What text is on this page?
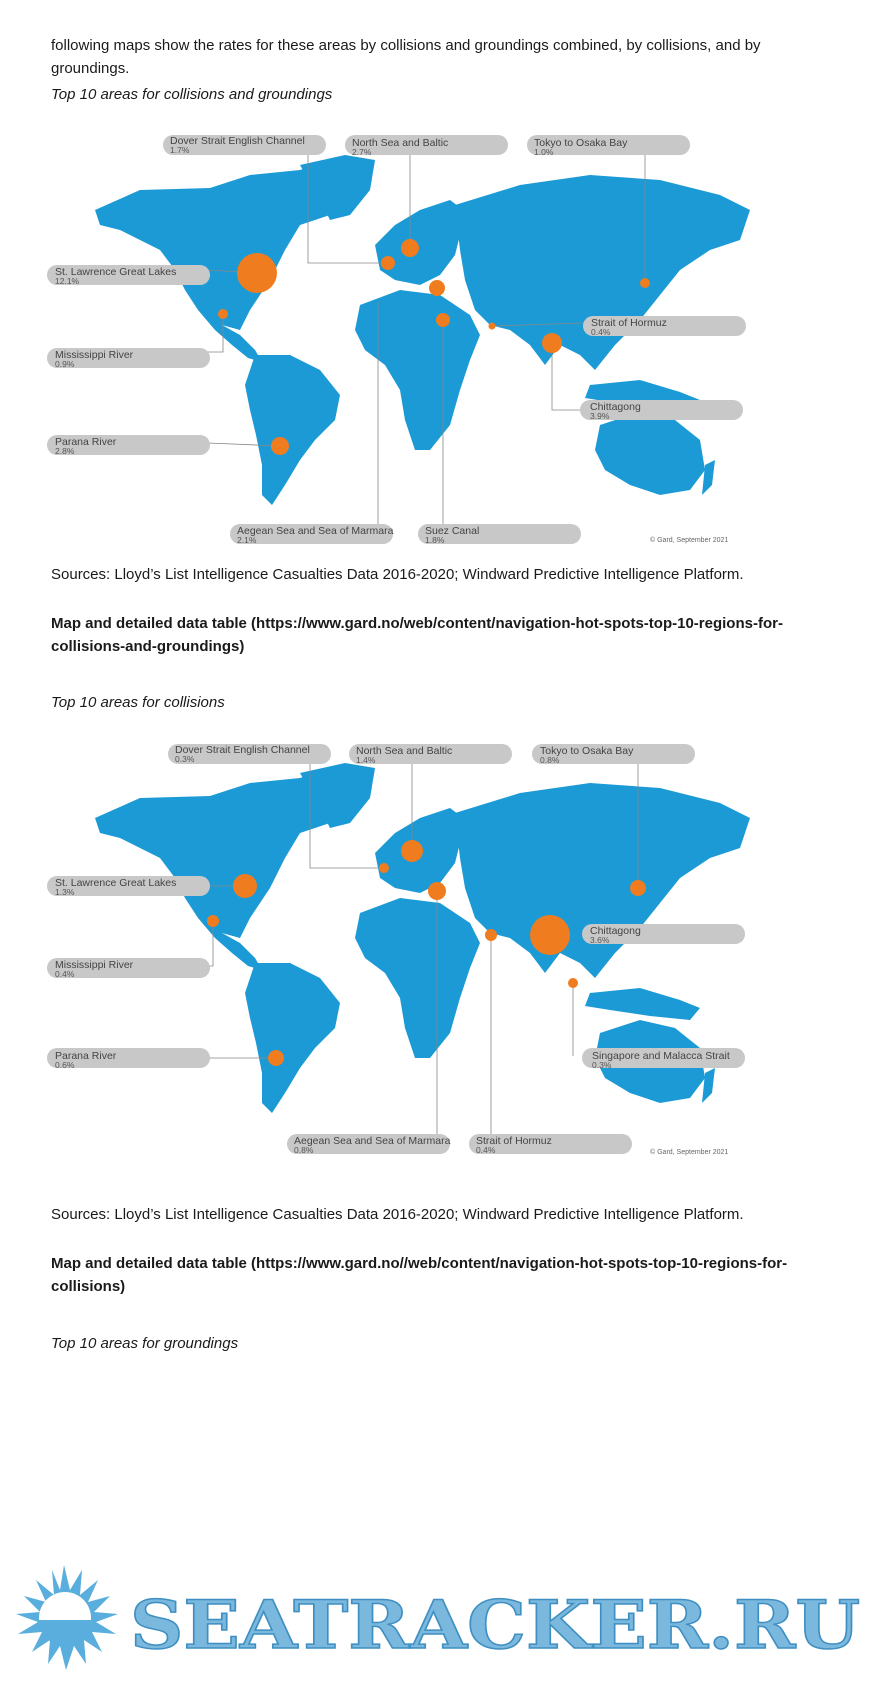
following maps show the rates for these areas by collisions and groundings combined, by collisions, and by groundings.

Top 10 areas for collisions and groundings

Dover Strait English Channel
1.7%
North Sea and Baltic
2.7%
Tokyo to Osaka Bay
1.0%
St. Lawrence Great Lakes
12.1%
Strait of Hormuz
0.4%
Mississippi River
0.9%
Chittagong
3.9%
Parana River
2.8%
Aegean Sea and Sea of Marmara
2.1%
Suez Canal
1.8%	© Gard, September 2021

Sources: Lloyd’s List Intelligence Casualties Data 2016-2020; Windward Predictive Intelligence Platform.

Map and detailed data table (https://www.gard.no/web/content/navigation-hot-spots-top-10-regions-for-collisions-and-groundings)

Top 10 areas for collisions

Dover Strait English Channel
0.3%
North Sea and Baltic
1.4%
Tokyo to Osaka Bay
0.8%
St. Lawrence Great Lakes
1.3%
Chittagong
3.6%
Mississippi River
0.4%
Parana River
0.6%
Singapore and Malacca Strait
0.3%
Aegean Sea and Sea of Marmara
0.8%
Strait of Hormuz
0.4%	© Gard, September 2021

Sources: Lloyd’s List Intelligence Casualties Data 2016-2020; Windward Predictive Intelligence Platform.

Map and detailed data table (https://www.gard.no//web/content/navigation-hot-spots-top-10-regions-for-collisions)

Top 10 areas for groundings

SEATRACKER.RU
